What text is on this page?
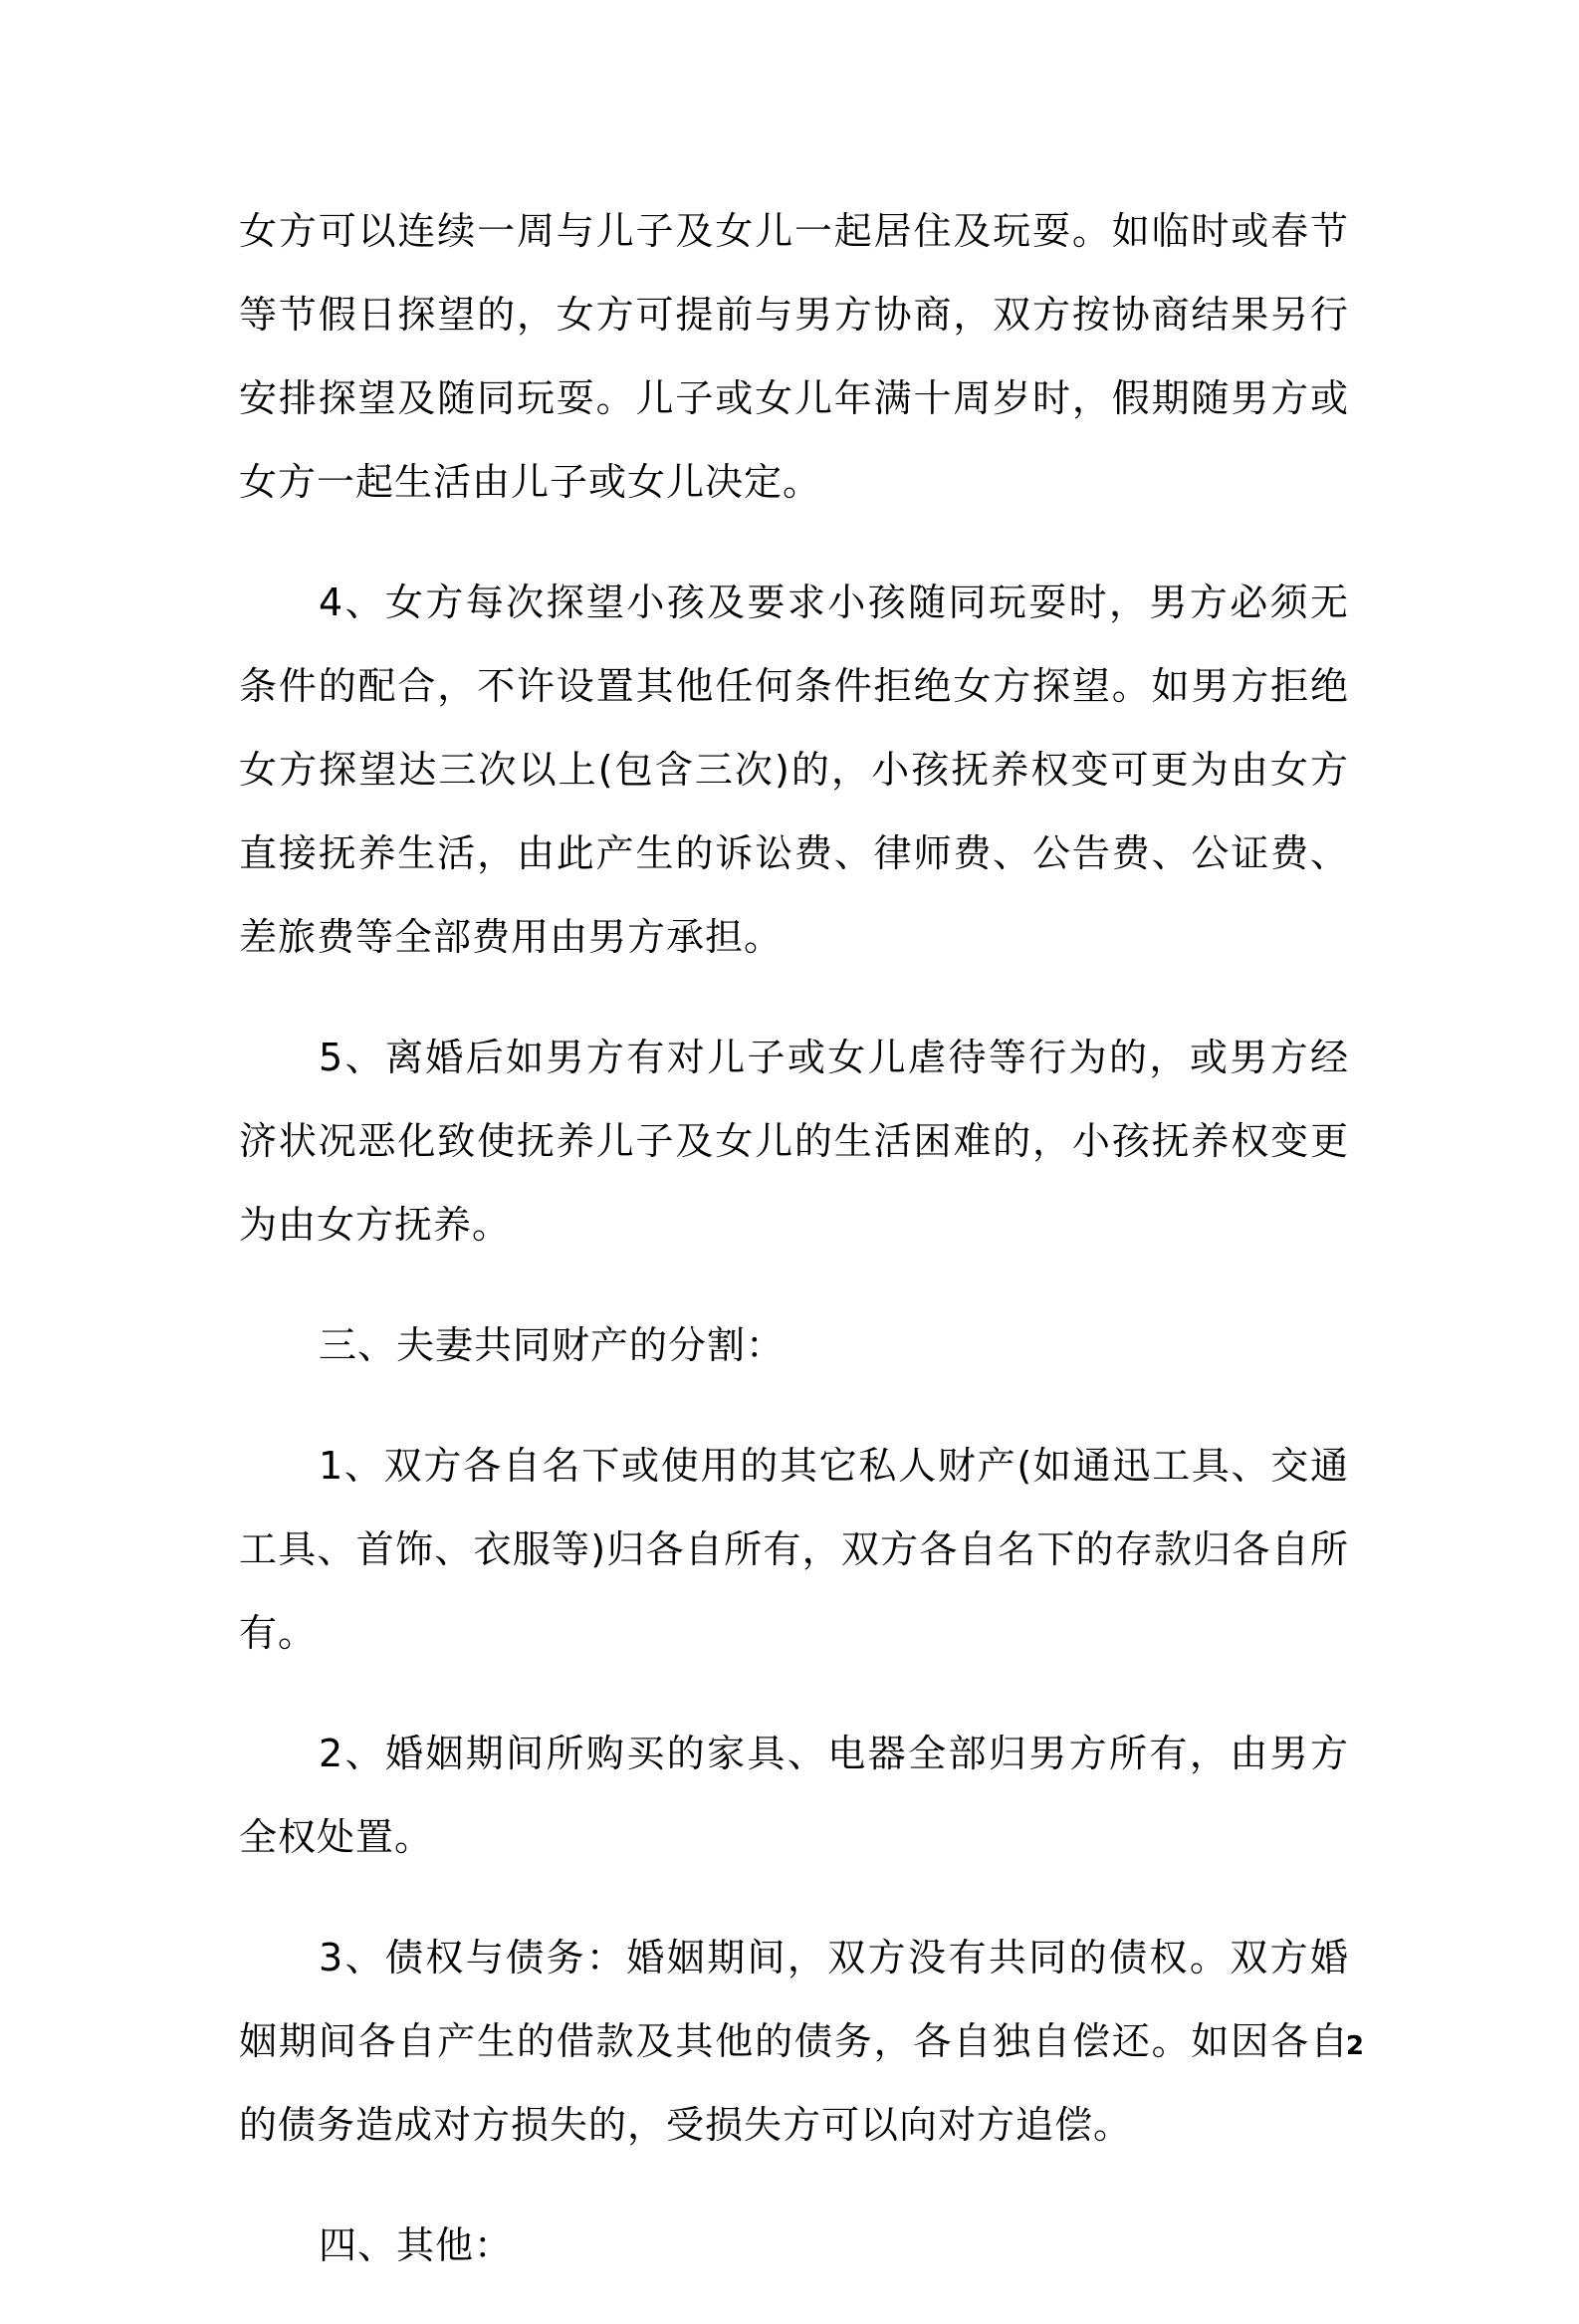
女方可以连续一周与儿子及女儿一起居住及玩耍。如临时或春节等节假日探望的，女方可提前与男方协商，双方按协商结果另行安排探望及随同玩耍。儿子或女儿年满十周岁时，假期随男方或女方一起生活由儿子或女儿决定。

4、女方每次探望小孩及要求小孩随同玩耍时，男方必须无条件的配合，不许设置其他任何条件拒绝女方探望。如男方拒绝女方探望达三次以上(包含三次)的，小孩抚养权变可更为由女方直接抚养生活，由此产生的诉讼费、律师费、公告费、公证费、差旅费等全部费用由男方承担。

5、离婚后如男方有对儿子或女儿虐待等行为的，或男方经济状况恶化致使抚养儿子及女儿的生活困难的，小孩抚养权变更为由女方抚养。

三、夫妻共同财产的分割：

1、双方各自名下或使用的其它私人财产(如通迅工具、交通工具、首饰、衣服等)归各自所有，双方各自名下的存款归各自所有。

2、婚姻期间所购买的家具、电器全部归男方所有，由男方全权处置。

3、债权与债务：婚姻期间，双方没有共同的债权。双方婚姻期间各自产生的借款及其他的债务，各自独自偿还。如因各自的债务造成对方损失的，受损失方可以向对方追偿。

四、其他：

2
